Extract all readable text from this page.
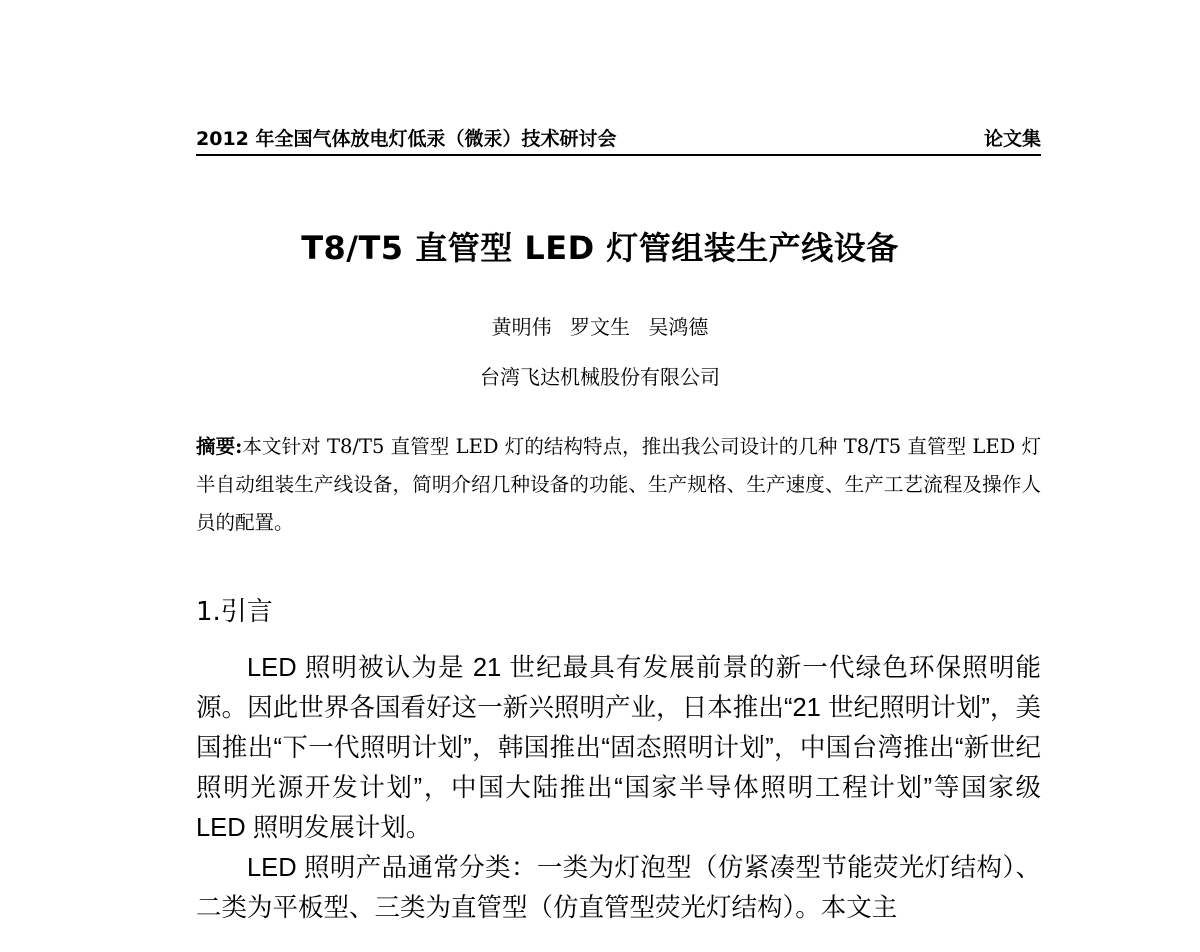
2012 年全国气体放电灯低汞（微汞）技术研讨会	论文集
T8/T5 直管型 LED 灯管组装生产线设备
黄明伟 罗文生 吴鸿德
台湾飞达机械股份有限公司
摘要:本文针对 T8/T5 直管型 LED 灯的结构特点，推出我公司设计的几种 T8/T5 直管型 LED 灯半自动组装生产线设备，简明介绍几种设备的功能、生产规格、生产速度、生产工艺流程及操作人员的配置。
1.引言

LED 照明被认为是 21 世纪最具有发展前景的新一代绿色环保照明能源。因此世界各国看好这一新兴照明产业，日本推出“21 世纪照明计划”，美国推出“下一代照明计划”，韩国推出“固态照明计划”，中国台湾推出“新世纪照明光源开发计划”，中国大陆推出“国家半导体照明工程计划”等国家级 LED 照明发展计划。

LED 照明产品通常分类：一类为灯泡型（仿紧凑型节能荧光灯结构）、二类为平板型、三类为直管型（仿直管型荧光灯结构）。本文主
